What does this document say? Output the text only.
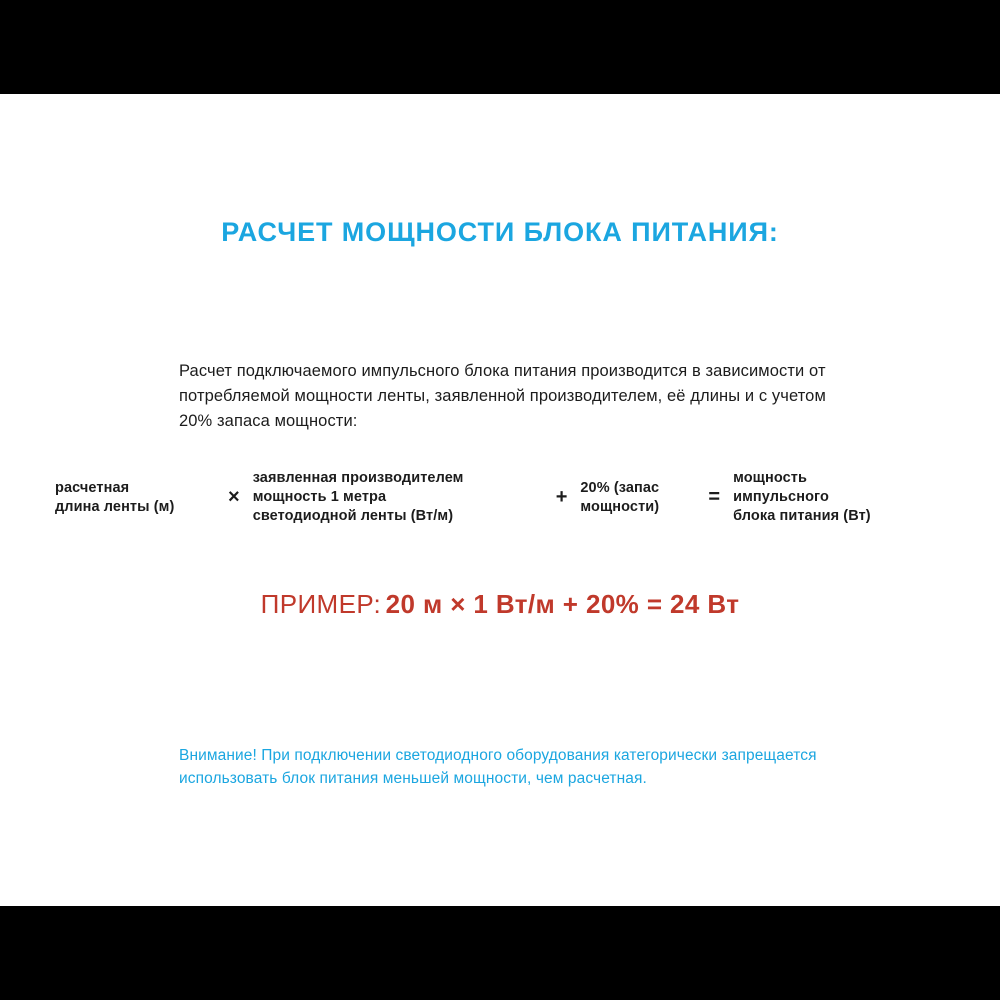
РАСЧЕТ МОЩНОСТИ БЛОКА ПИТАНИЯ:

Расчет подключаемого импульсного блока питания производится в зависимости от потребляемой мощности ленты, заявленной производителем, её длины и с учетом 20% запаса мощности:

расчетная
длина ленты (м)	×
заявленная производителем
мощность 1 метра
светодиодной ленты (Вт/м)
+ 20% (запас
мощности)	=
мощность
импульсного
блока питания (Вт)
ПРИМЕР: 20 м × 1 Вт/м + 20% = 24 Вт

Внимание! При подключении светодиодного оборудования категорически запрещается использовать блок питания меньшей мощности, чем расчетная.
